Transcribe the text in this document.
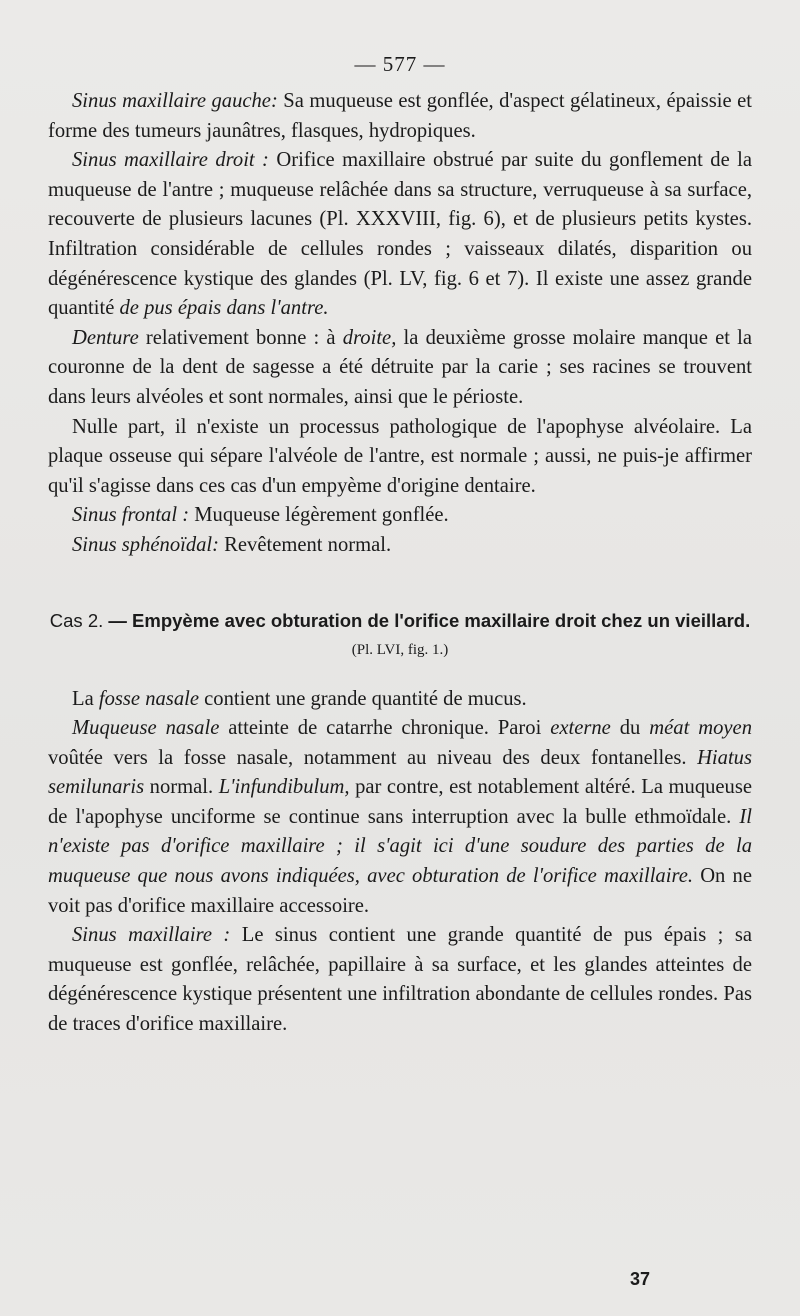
— 577 —

Sinus maxillaire gauche: Sa muqueuse est gonflée, d'aspect gélatineux, épaissie et forme des tumeurs jaunâtres, flasques, hydropiques.

Sinus maxillaire droit : Orifice maxillaire obstrué par suite du gonflement de la muqueuse de l'antre ; muqueuse relâchée dans sa structure, verruqueuse à sa surface, recouverte de plusieurs lacunes (Pl. XXXVIII, fig. 6), et de plusieurs petits kystes. Infiltration considérable de cellules rondes ; vaisseaux dilatés, disparition ou dégénérescence kystique des glandes (Pl. LV, fig. 6 et 7). Il existe une assez grande quantité de pus épais dans l'antre.

Denture relativement bonne : à droite, la deuxième grosse molaire manque et la couronne de la dent de sagesse a été détruite par la carie ; ses racines se trouvent dans leurs alvéoles et sont normales, ainsi que le périoste.

Nulle part, il n'existe un processus pathologique de l'apophyse alvéolaire. La plaque osseuse qui sépare l'alvéole de l'antre, est normale ; aussi, ne puis-je affirmer qu'il s'agisse dans ces cas d'un empyème d'origine dentaire.

Sinus frontal : Muqueuse légèrement gonflée.

Sinus sphénoïdal: Revêtement normal.

Cas 2. — Empyème avec obturation de l'orifice maxillaire droit chez un vieillard.
(Pl. LVI, fig. 1.)

La fosse nasale contient une grande quantité de mucus.

Muqueuse nasale atteinte de catarrhe chronique. Paroi externe du méat moyen voûtée vers la fosse nasale, notamment au niveau des deux fontanelles. Hiatus semilunaris normal. L'infundibulum, par contre, est notablement altéré. La muqueuse de l'apophyse unciforme se continue sans interruption avec la bulle ethmoïdale. Il n'existe pas d'orifice maxillaire ; il s'agit ici d'une soudure des parties de la muqueuse que nous avons indiquées, avec obturation de l'orifice maxillaire. On ne voit pas d'orifice maxillaire accessoire.

Sinus maxillaire : Le sinus contient une grande quantité de pus épais ; sa muqueuse est gonflée, relâchée, papillaire à sa surface, et les glandes atteintes de dégénérescence kystique présentent une infiltration abondante de cellules rondes. Pas de traces d'orifice maxillaire.

37
